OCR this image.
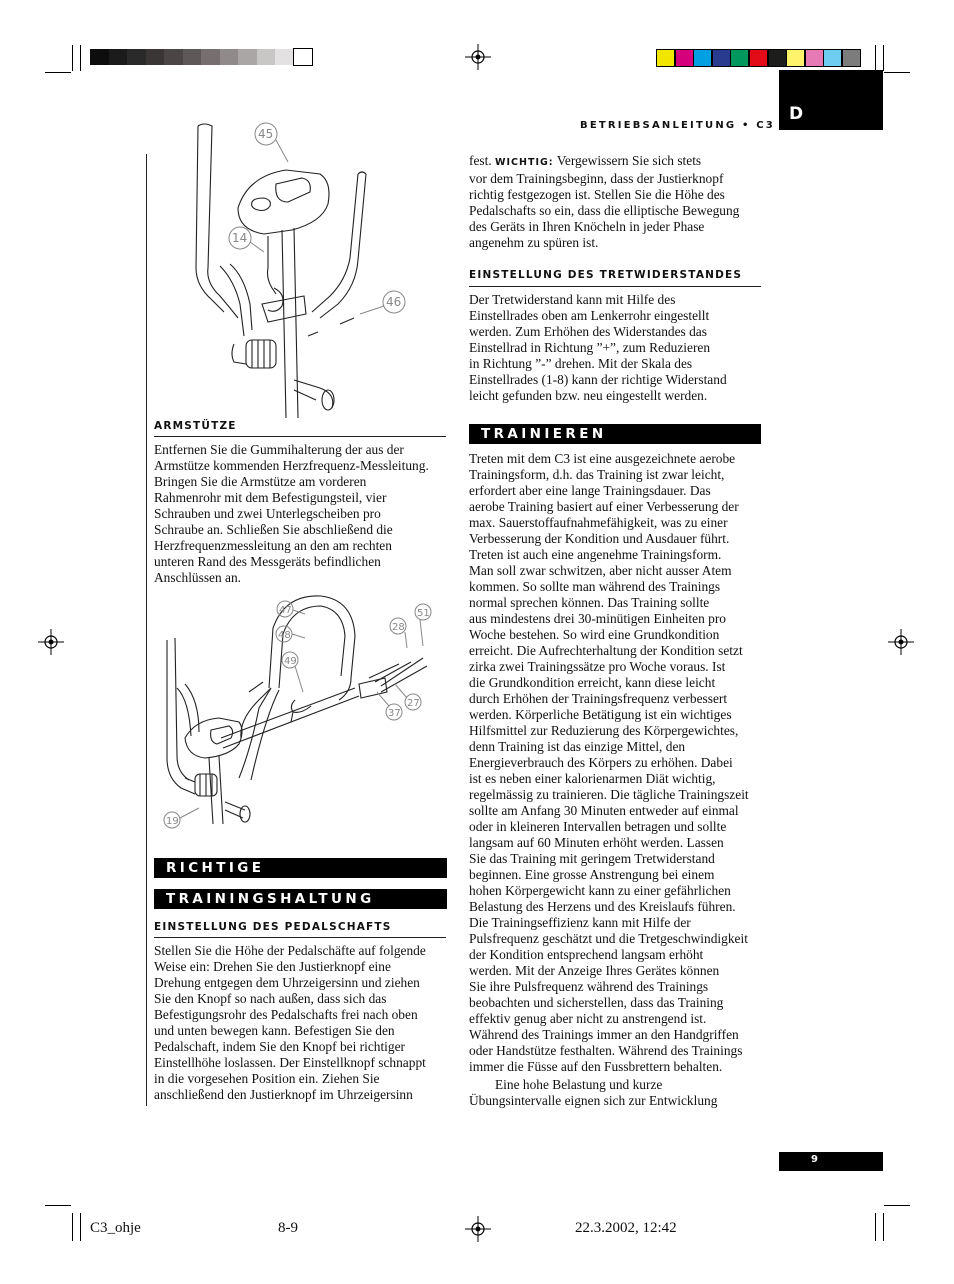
BETRIEBSANLEITUNG • C3
D
45
14
46
ARMSTÜTZE
Entfernen Sie die Gummihalterung der aus der
Armstütze kommenden Herzfrequenz-Messleitung.
Bringen Sie die Armstütze am vorderen
Rahmenrohr mit dem Befestigungsteil, vier
Schrauben und zwei Unterlegscheiben pro
Schraube an. Schließen Sie abschließend die
Herzfrequenzmessleitung an den am rechten
unteren Rand des Messgeräts befindlichen
Anschlüssen an.
47
48
49
28
51
27
37
19
RICHTIGE
TRAININGSHALTUNG
EINSTELLUNG DES PEDALSCHAFTS
Stellen Sie die Höhe der Pedalschäfte auf folgende
Weise ein: Drehen Sie den Justierknopf eine
Drehung entgegen dem Uhrzeigersinn und ziehen
Sie den Knopf so nach außen, dass sich das
Befestigungsrohr des Pedalschafts frei nach oben
und unten bewegen kann. Befestigen Sie den
Pedalschaft, indem Sie den Knopf bei richtiger
Einstellhöhe loslassen. Der Einstellknopf schnappt
in die vorgesehen Position ein. Ziehen Sie
anschließend den Justierknopf im Uhrzeigersinn
fest. WICHTIG: Vergewissern Sie sich stets
vor dem Trainingsbeginn, dass der Justierknopf
richtig festgezogen ist. Stellen Sie die Höhe des
Pedalschafts so ein, dass die elliptische Bewegung
des Geräts in Ihren Knöcheln in jeder Phase
angenehm zu spüren ist.
EINSTELLUNG DES TRETWIDERSTANDES
Der Tretwiderstand kann mit Hilfe des
Einstellrades oben am Lenkerrohr eingestellt
werden. Zum Erhöhen des Widerstandes das
Einstellrad in Richtung ”+”, zum Reduzieren
in Richtung ”-” drehen. Mit der Skala des
Einstellrades (1-8) kann der richtige Widerstand
leicht gefunden bzw. neu eingestellt werden.
TRAINIEREN
Treten mit dem C3 ist eine ausgezeichnete aerobe
Trainingsform, d.h. das Training ist zwar leicht,
erfordert aber eine lange Trainingsdauer. Das
aerobe Training basiert auf einer Verbesserung der
max. Sauerstoffaufnahmefähigkeit, was zu einer
Verbesserung der Kondition und Ausdauer führt.
Treten ist auch eine angenehme Trainingsform.
Man soll zwar schwitzen, aber nicht ausser Atem
kommen. So sollte man während des Trainings
normal sprechen können. Das Training sollte
aus mindestens drei 30-minütigen Einheiten pro
Woche bestehen. So wird eine Grundkondition
erreicht. Die Aufrechterhaltung der Kondition setzt
zirka zwei Trainingssätze pro Woche voraus. Ist
die Grundkondition erreicht, kann diese leicht
durch Erhöhen der Trainingsfrequenz verbessert
werden. Körperliche Betätigung ist ein wichtiges
Hilfsmittel zur Reduzierung des Körpergewichtes,
denn Training ist das einzige Mittel, den
Energieverbrauch des Körpers zu erhöhen. Dabei
ist es neben einer kalorienarmen Diät wichtig,
regelmässig zu trainieren. Die tägliche Trainingszeit
sollte am Anfang 30 Minuten entweder auf einmal
oder in kleineren Intervallen betragen und sollte
langsam auf 60 Minuten erhöht werden. Lassen
Sie das Training mit geringem Tretwiderstand
beginnen. Eine grosse Anstrengung bei einem
hohen Körpergewicht kann zu einer gefährlichen
Belastung des Herzens und des Kreislaufs führen.
Die Trainingseffizienz kann mit Hilfe der
Pulsfrequenz geschätzt und die Tretgeschwindigkeit
der Kondition entsprechend langsam erhöht
werden. Mit der Anzeige Ihres Gerätes können
Sie ihre Pulsfrequenz während des Trainings
beobachten und sicherstellen, dass das Training
effektiv genug aber nicht zu anstrengend ist.
Während des Trainings immer an den Handgriffen
oder Handstütze festhalten. Während des Trainings
immer die Füsse auf den Fussbrettern behalten.
Eine hohe Belastung und kurze
Übungsintervalle eignen sich zur Entwicklung
9
C3_ohje	8-9	22.3.2002, 12:42
